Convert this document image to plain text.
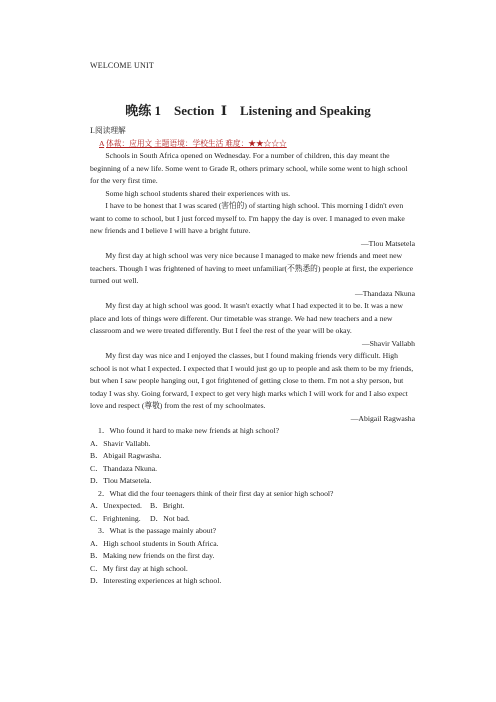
WELCOME UNIT
晚练 1    Section  Ⅰ    Listening and Speaking

Ⅰ.阅读理解

A 体裁：应用文 主题语境：学校生活 难度：★★☆☆☆

Schools in South Africa opened on Wednesday. For a number of children, this day meant the beginning of a new life. Some went to Grade R, others primary school, while some went to high school for the very first time.

Some high school students shared their experiences with us.

I have to be honest that I was scared (害怕的) of starting high school. This morning I didn't even want to come to school, but I just forced myself to. I'm happy the day is over. I managed to even make new friends and I believe I will have a bright future.

—Tlou Matsetela

My first day at high school was very nice because I managed to make new friends and meet new teachers. Though I was frightened of having to meet unfamiliar(不熟悉的) people at first, the experience turned out well.

—Thandaza Nkuna

My first day at high school was good. It wasn't exactly what I had expected it to be. It was a new place and lots of things were different. Our timetable was strange. We had new teachers and a new classroom and we were treated differently. But I feel the rest of the year will be okay.

—Shavir Vallabh

My first day was nice and I enjoyed the classes, but I found making friends very difficult. High school is not what I expected. I expected that I would just go up to people and ask them to be my friends, but when I saw people hanging out, I got frightened of getting close to them. I'm not a shy person, but today I was shy. Going forward, I expect to get very high marks which I will work for and I also expect love and respect (尊敬) from the rest of my schoolmates.

—Abigail Ragwasha

1．Who found it hard to make new friends at high school?

A．Shavir Vallabh.

B．Abigail Ragwasha.

C．Thandaza Nkuna.

D．Tlou Matsetela.

2．What did the four teenagers think of their first day at senior high school?

A．Unexpected. B．Bright.

C．Frightening. D．Not bad.

3．What is the passage mainly about?

A．High school students in South Africa.

B．Making new friends on the first day.

C．My first day at high school.

D．Interesting experiences at high school.
